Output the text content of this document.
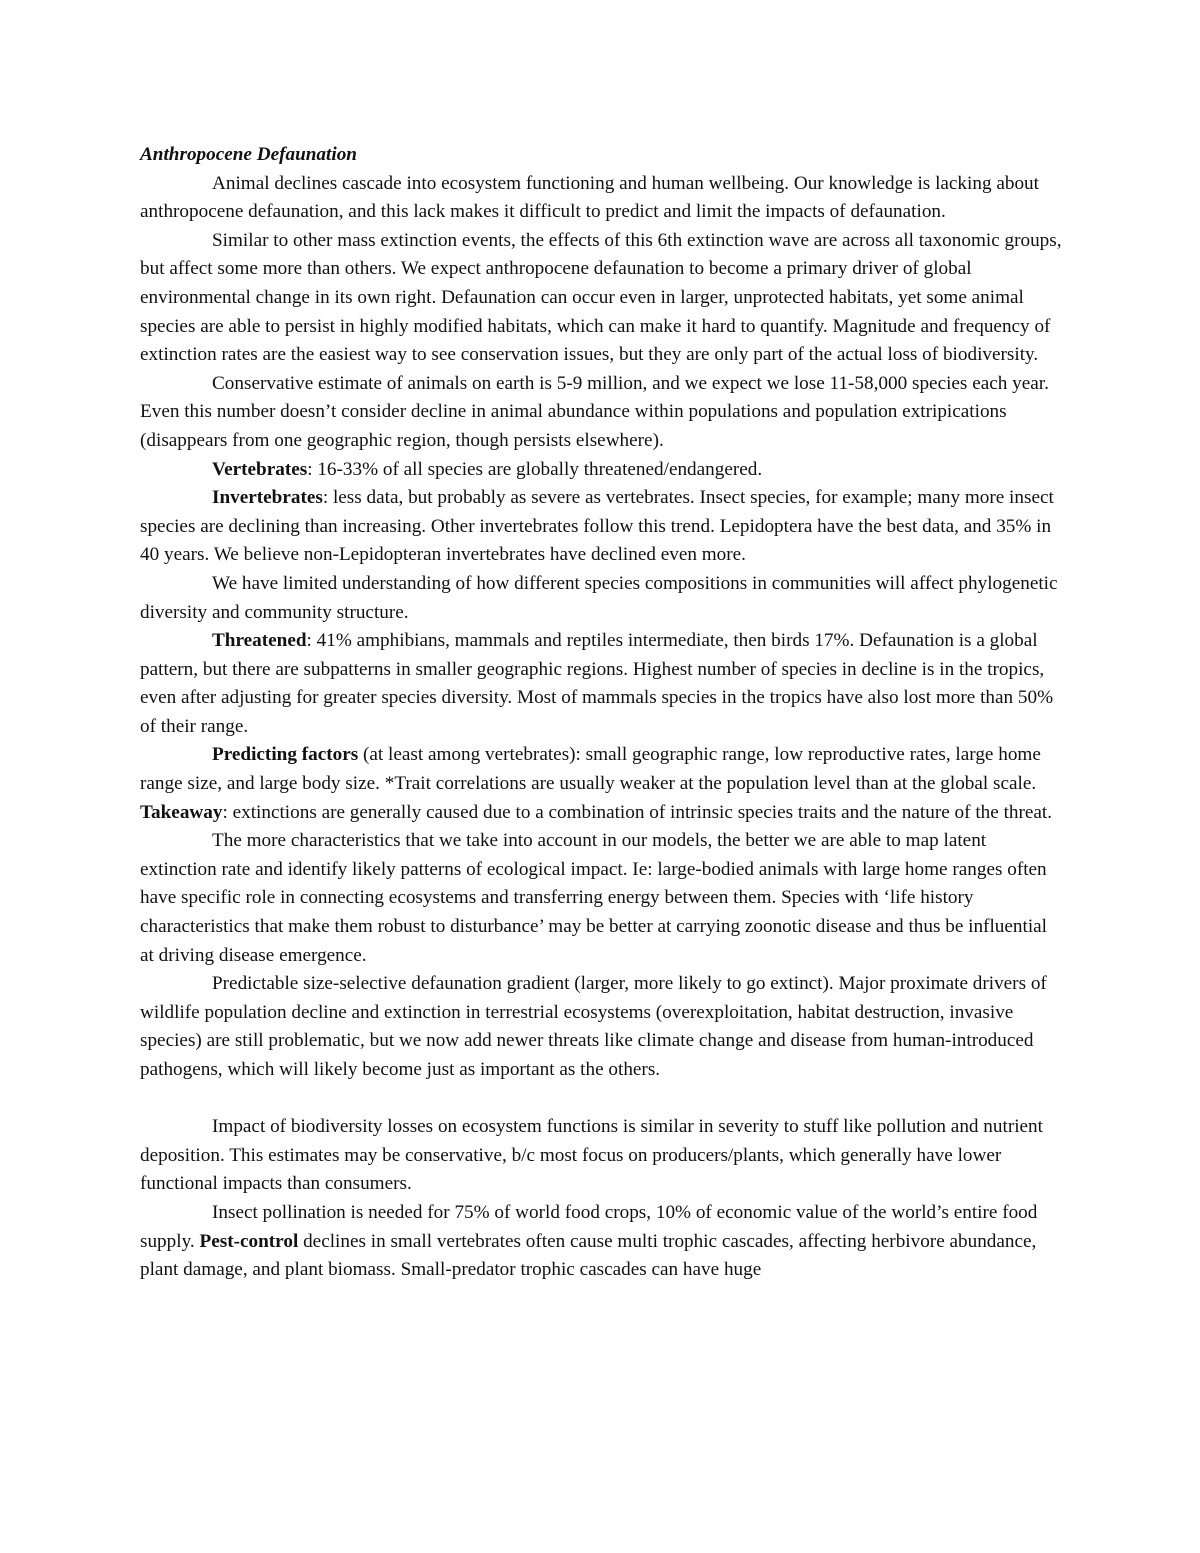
Anthropocene Defaunation

Animal declines cascade into ecosystem functioning and human wellbeing. Our knowledge is lacking about anthropocene defaunation, and this lack makes it difficult to predict and limit the impacts of defaunation.

Similar to other mass extinction events, the effects of this 6th extinction wave are across all taxonomic groups, but affect some more than others. We expect anthropocene defaunation to become a primary driver of global environmental change in its own right. Defaunation can occur even in larger, unprotected habitats, yet some animal species are able to persist in highly modified habitats, which can make it hard to quantify. Magnitude and frequency of extinction rates are the easiest way to see conservation issues, but they are only part of the actual loss of biodiversity.

Conservative estimate of animals on earth is 5-9 million, and we expect we lose 11-58,000 species each year. Even this number doesn’t consider decline in animal abundance within populations and population extripications (disappears from one geographic region, though persists elsewhere).

Vertebrates: 16-33% of all species are globally threatened/endangered.

Invertebrates: less data, but probably as severe as vertebrates. Insect species, for example; many more insect species are declining than increasing. Other invertebrates follow this trend. Lepidoptera have the best data, and 35% in 40 years. We believe non-Lepidopteran invertebrates have declined even more.

We have limited understanding of how different species compositions in communities will affect phylogenetic diversity and community structure.

Threatened: 41% amphibians, mammals and reptiles intermediate, then birds 17%. Defaunation is a global pattern, but there are subpatterns in smaller geographic regions. Highest number of species in decline is in the tropics, even after adjusting for greater species diversity. Most of mammals species in the tropics have also lost more than 50% of their range.

Predicting factors (at least among vertebrates): small geographic range, low reproductive rates, large home range size, and large body size. *Trait correlations are usually weaker at the population level than at the global scale. Takeaway: extinctions are generally caused due to a combination of intrinsic species traits and the nature of the threat.

The more characteristics that we take into account in our models, the better we are able to map latent extinction rate and identify likely patterns of ecological impact. Ie: large-bodied animals with large home ranges often have specific role in connecting ecosystems and transferring energy between them. Species with ‘life history characteristics that make them robust to disturbance’ may be better at carrying zoonotic disease and thus be influential at driving disease emergence.

Predictable size-selective defaunation gradient (larger, more likely to go extinct). Major proximate drivers of wildlife population decline and extinction in terrestrial ecosystems (overexploitation, habitat destruction, invasive species) are still problematic, but we now add newer threats like climate change and disease from human-introduced pathogens, which will likely become just as important as the others.

Impact of biodiversity losses on ecosystem functions is similar in severity to stuff like pollution and nutrient deposition. This estimates may be conservative, b/c most focus on producers/plants, which generally have lower functional impacts than consumers.

Insect pollination is needed for 75% of world food crops, 10% of economic value of the world’s entire food supply. Pest-control declines in small vertebrates often cause multi trophic cascades, affecting herbivore abundance, plant damage, and plant biomass. Small-predator trophic cascades can have huge
